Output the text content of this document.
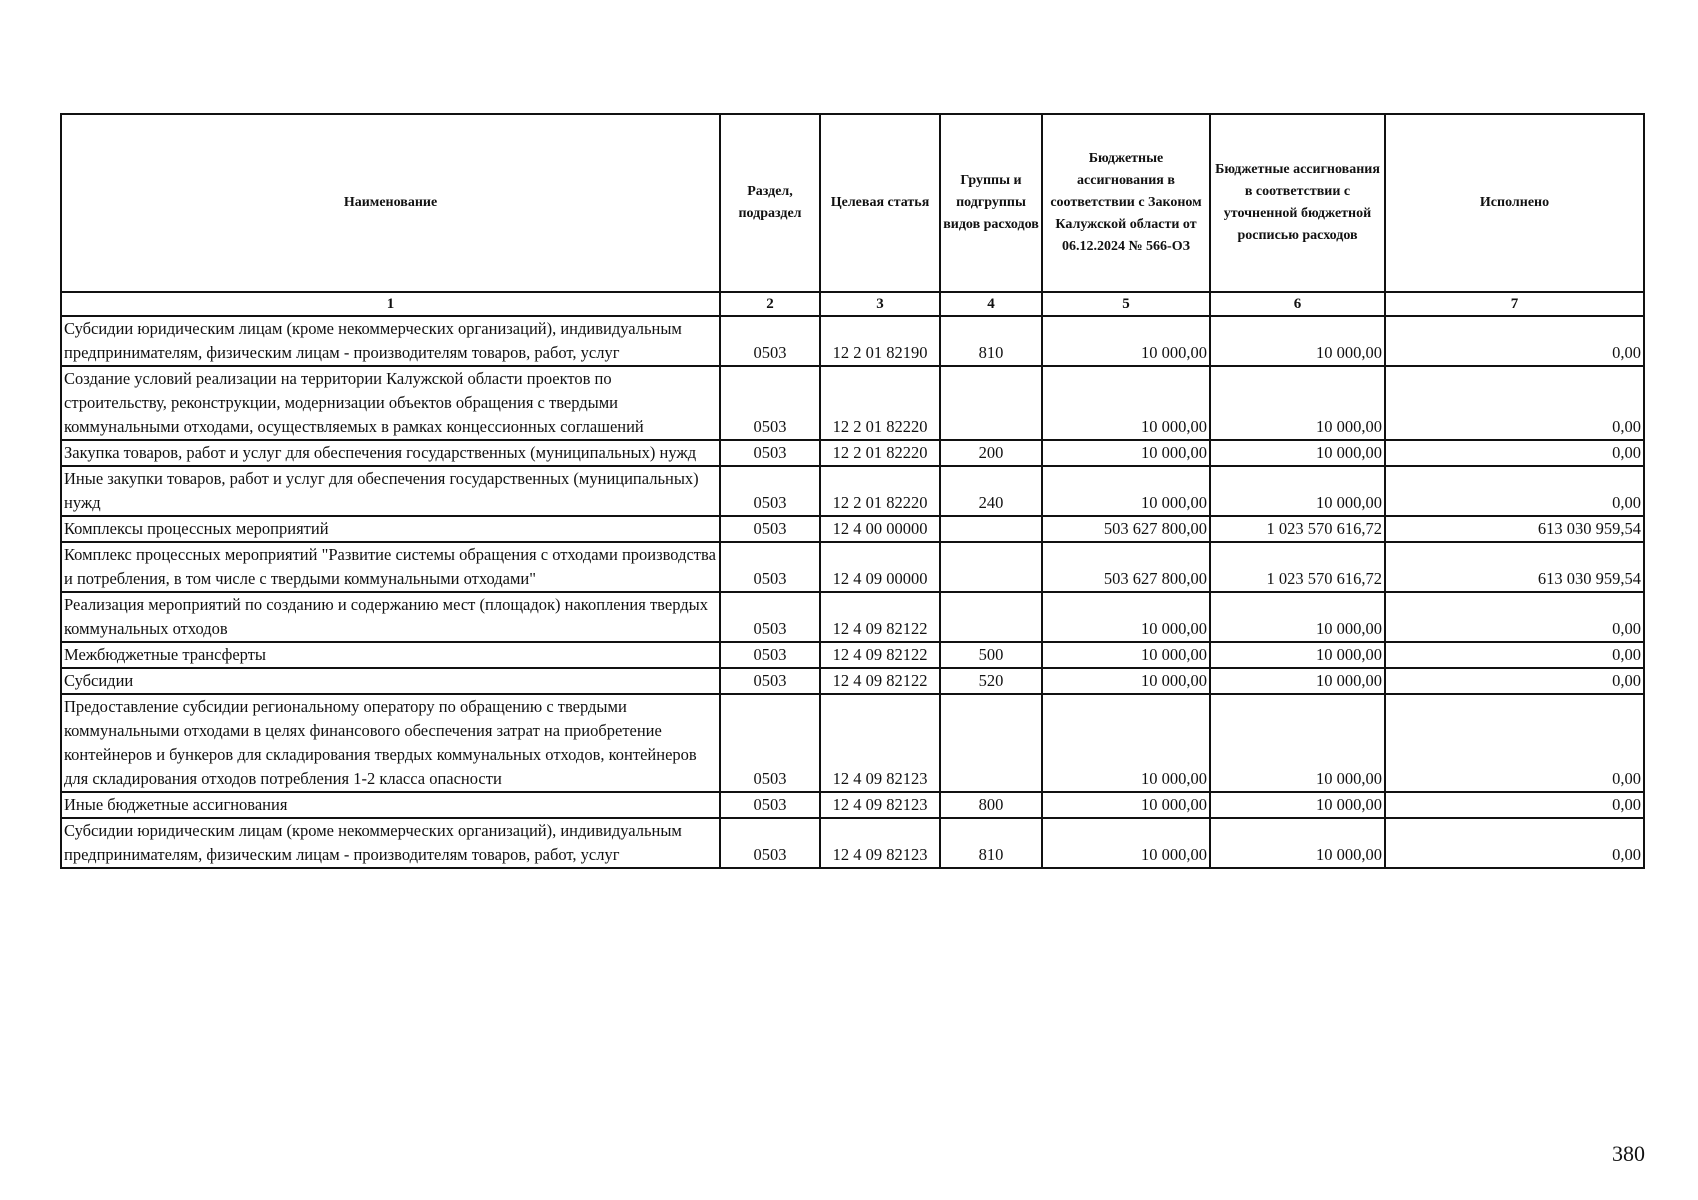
Наименование	Раздел, подраздел	Целевая статья	Группы и подгруппы видов расходов	Бюджетные ассигнования в соответствии с Законом Калужской области от 06.12.2024 № 566-ОЗ	Бюджетные ассигнования в соответствии с уточненной бюджетной росписью расходов	Исполнено
1	2	3	4	5	6	7
Субсидии юридическим лицам (кроме некоммерческих организаций), индивидуальным предпринимателям, физическим лицам - производителям товаров, работ, услуг	0503	12 2 01 82190	810	10 000,00	10 000,00	0,00
Создание условий реализации на территории Калужской области проектов по строительству, реконструкции, модернизации объектов обращения с твердыми коммунальными отходами, осуществляемых в рамках концессионных соглашений	0503	12 2 01 82220		10 000,00	10 000,00	0,00
Закупка товаров, работ и услуг для обеспечения государственных (муниципальных) нужд	0503	12 2 01 82220	200	10 000,00	10 000,00	0,00
Иные закупки товаров, работ и услуг для обеспечения государственных (муниципальных) нужд	0503	12 2 01 82220	240	10 000,00	10 000,00	0,00
Комплексы процессных мероприятий	0503	12 4 00 00000		503 627 800,00	1 023 570 616,72	613 030 959,54
Комплекс процессных мероприятий "Развитие системы обращения с отходами производства и потребления, в том числе с твердыми коммунальными отходами"	0503	12 4 09 00000		503 627 800,00	1 023 570 616,72	613 030 959,54
Реализация мероприятий по созданию и содержанию мест (площадок) накопления твердых коммунальных отходов	0503	12 4 09 82122		10 000,00	10 000,00	0,00
Межбюджетные трансферты	0503	12 4 09 82122	500	10 000,00	10 000,00	0,00
Субсидии	0503	12 4 09 82122	520	10 000,00	10 000,00	0,00
Предоставление субсидии региональному оператору по обращению с твердыми коммунальными отходами в целях финансового обеспечения затрат на приобретение контейнеров и бункеров для складирования твердых коммунальных отходов, контейнеров для складирования отходов потребления 1-2 класса опасности	0503	12 4 09 82123		10 000,00	10 000,00	0,00
Иные бюджетные ассигнования	0503	12 4 09 82123	800	10 000,00	10 000,00	0,00
Субсидии юридическим лицам (кроме некоммерческих организаций), индивидуальным предпринимателям, физическим лицам - производителям товаров, работ, услуг	0503	12 4 09 82123	810	10 000,00	10 000,00	0,00
380
